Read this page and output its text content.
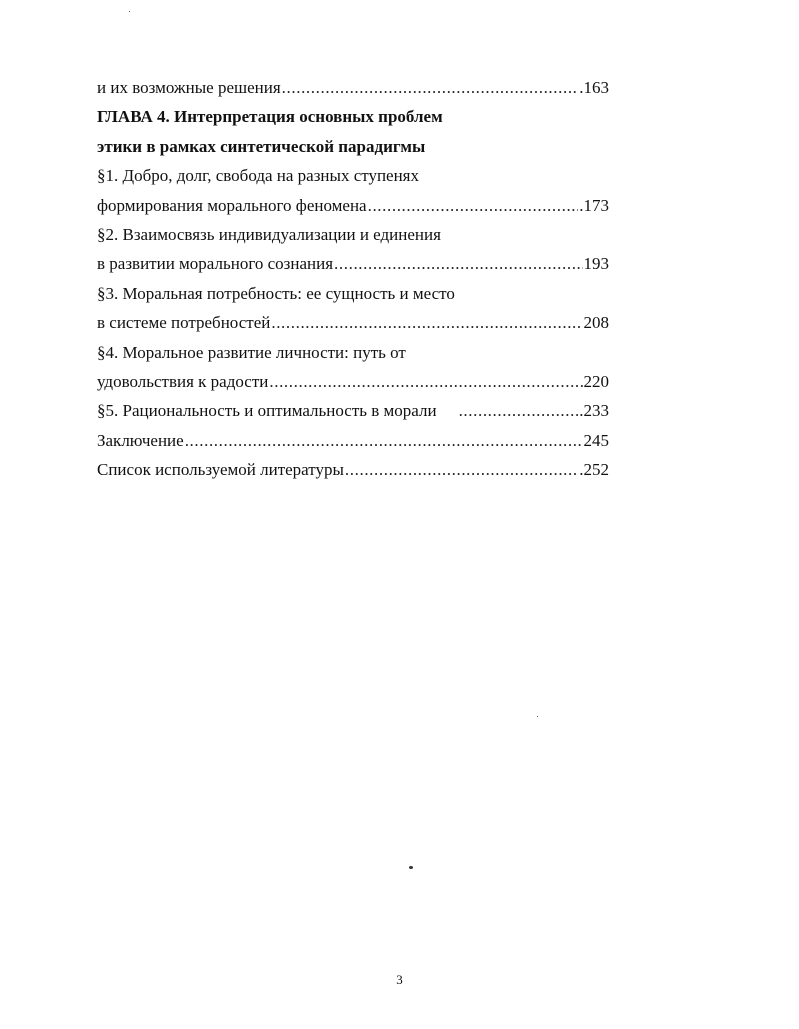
и их возможные решения .....	.163
ГЛАВА 4. Интерпретация основных проблем
этики в рамках синтетической парадигмы
§1. Добро, долг, свобода на разных ступенях
формирования морального феномена .....	.173
§2. Взаимосвязь индивидуализации и единения
в развитии морального сознания .....	193
§3. Моральная потребность: ее сущность и место
в системе потребностей .....	208
§4. Моральное развитие личности: путь от
удовольствия к радости .....	220
§5. Рациональность и оптимальность в морали .....	.233
Заключение .....	245
Список используемой литературы .....	.252
3
